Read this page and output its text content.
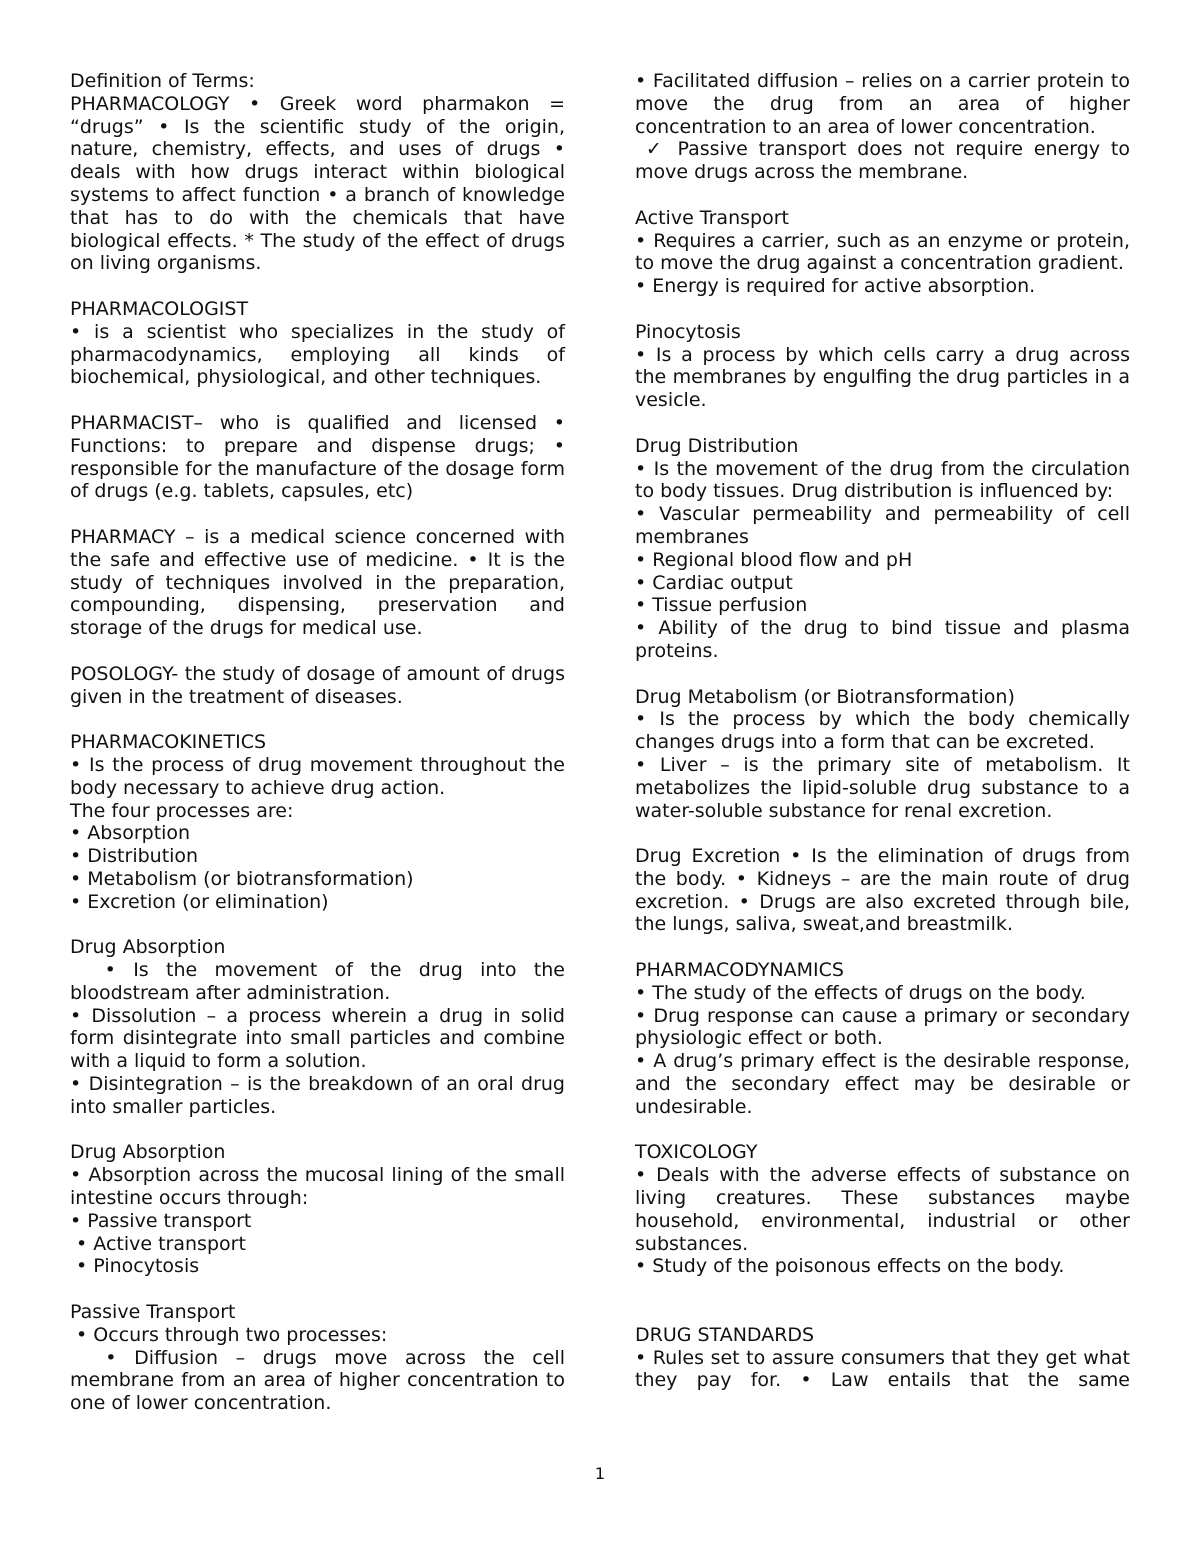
Definition of Terms:
PHARMACOLOGY • Greek word pharmakon = “drugs” • Is the scientific study of the origin, nature, chemistry, effects, and uses of drugs • deals with how drugs interact within biological systems to affect function • a branch of knowledge that has to do with the chemicals that have biological effects. * The study of the effect of drugs on living organisms.
PHARMACOLOGIST
• is a scientist who specializes in the study of pharmacodynamics, employing all kinds of biochemical, physiological, and other techniques.
PHARMACIST– who is qualified and licensed • Functions: to prepare and dispense drugs; • responsible for the manufacture of the dosage form of drugs (e.g. tablets, capsules, etc)
PHARMACY – is a medical science concerned with the safe and effective use of medicine. • It is the study of techniques involved in the preparation, compounding, dispensing, preservation and storage of the drugs for medical use.
POSOLOGY- the study of dosage of amount of drugs given in the treatment of diseases.
PHARMACOKINETICS
• Is the process of drug movement throughout the body necessary to achieve drug action.
The four processes are:
• Absorption
• Distribution
• Metabolism (or biotransformation)
• Excretion (or elimination)
Drug Absorption
• Is the movement of the drug into the bloodstream after administration.
• Dissolution – a process wherein a drug in solid form disintegrate into small particles and combine with a liquid to form a solution.
• Disintegration – is the breakdown of an oral drug into smaller particles.
Drug Absorption
• Absorption across the mucosal lining of the small intestine occurs through:
• Passive transport
• Active transport
• Pinocytosis
Passive Transport
• Occurs through two processes:
• Diffusion – drugs move across the cell membrane from an area of higher concentration to one of lower concentration.
• Facilitated diffusion – relies on a carrier protein to move the drug from an area of higher concentration to an area of lower concentration.
✓ Passive transport does not require energy to move drugs across the membrane.
Active Transport
• Requires a carrier, such as an enzyme or protein, to move the drug against a concentration gradient.
• Energy is required for active absorption.
Pinocytosis
• Is a process by which cells carry a drug across the membranes by engulfing the drug particles in a vesicle.
Drug Distribution
• Is the movement of the drug from the circulation to body tissues. Drug distribution is influenced by:
• Vascular permeability and permeability of cell membranes
• Regional blood flow and pH
• Cardiac output
• Tissue perfusion
• Ability of the drug to bind tissue and plasma proteins.
Drug Metabolism (or Biotransformation)
• Is the process by which the body chemically changes drugs into a form that can be excreted.
• Liver – is the primary site of metabolism. It metabolizes the lipid-soluble drug substance to a water-soluble substance for renal excretion.
Drug Excretion • Is the elimination of drugs from the body. • Kidneys – are the main route of drug excretion. • Drugs are also excreted through bile, the lungs, saliva, sweat,and breastmilk.
PHARMACODYNAMICS
• The study of the effects of drugs on the body.
• Drug response can cause a primary or secondary physiologic effect or both.
• A drug’s primary effect is the desirable response, and the secondary effect may be desirable or undesirable.
TOXICOLOGY
• Deals with the adverse effects of substance on living creatures. These substances maybe household, environmental, industrial or other substances.
• Study of the poisonous effects on the body.
DRUG STANDARDS
• Rules set to assure consumers that they get what they pay for. • Law entails that the same
1
